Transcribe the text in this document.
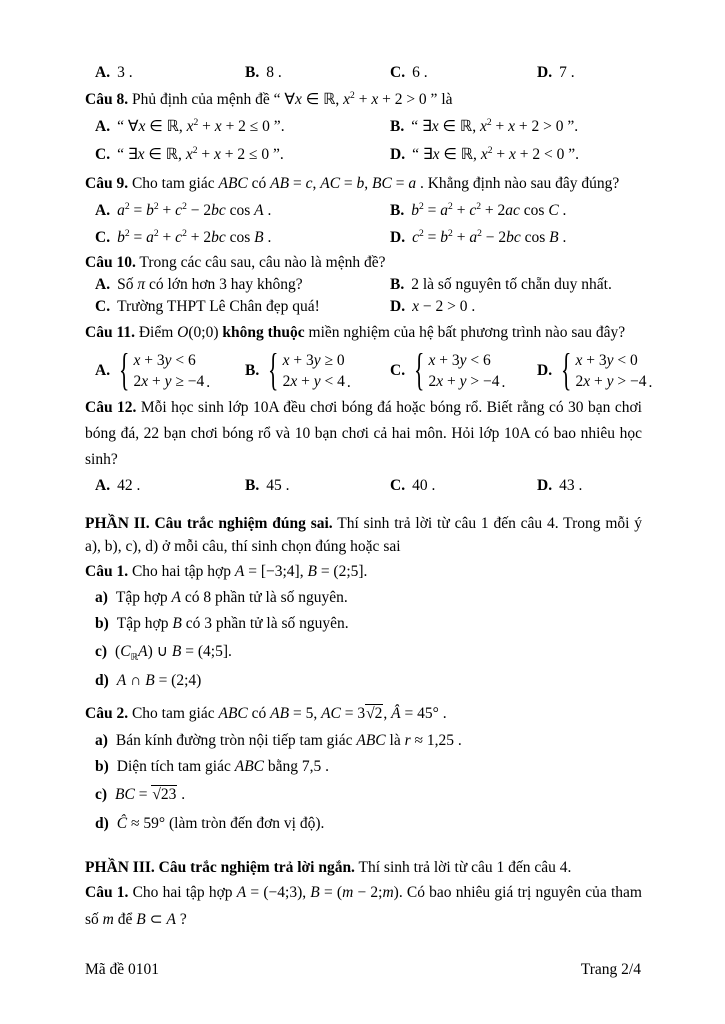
A. 3 .	B. 8 .	C. 6 .	D. 7 .

Câu 8. Phủ định của mệnh đề “ ∀x ∈ ℝ, $x^2 + x + 2 > 0$ ” là

A. “ ∀x ∈ ℝ, $x^2 + x + 2 \le 0$ ”.	B. “ ∃x ∈ ℝ, $x^2 + x + 2 > 0$ ”.
C. “ ∃x ∈ ℝ, $x^2 + x + 2 \le 0$ ”.	D. “ ∃x ∈ ℝ, $x^2 + x + 2 < 0$ ”.

Câu 9. Cho tam giác ABC có AB = c, AC = b, BC = a . Khẳng định nào sau đây đúng?

A. $a^2 = b^2 + c^2 - 2bc$ cos A .	B. $b^2 = a^2 + c^2 + 2ac$ cos C .
C. $b^2 = a^2 + c^2 + 2bc$ cos B .	D. $c^2 = b^2 + a^2 - 2bc$ cos B .

Câu 10. Trong các câu sau, câu nào là mệnh đề?

A. Số π có lớn hơn 3 hay không?	B. 2 là số nguyên tố chẵn duy nhất.
C. Trường THPT Lê Chân đẹp quá!	D. x − 2 > 0 .

Câu 11. Điểm O(0;0) không thuộc miền nghiệm của hệ bất phương trình nào sau đây?

A. { x + 3y < 6
2x + y ≥ −4 .
B. { x + 3y ≥ 0
2x + y < 4 .
C. { x + 3y < 6
2x + y > −4 .
D. { x + 3y < 0
2x + y > −4 .

Câu 12. Mỗi học sinh lớp 10A đều chơi bóng đá hoặc bóng rổ. Biết rằng có 30 bạn chơi bóng đá, 22 bạn chơi bóng rổ và 10 bạn chơi cả hai môn. Hỏi lớp 10A có bao nhiêu học sinh?

A. 42 .	B. 45 .	C. 40 .	D. 43 .

PHẦN II. Câu trắc nghiệm đúng sai. Thí sinh trả lời từ câu 1 đến câu 4. Trong mỗi ý a), b), c), d) ở mỗi câu, thí sinh chọn đúng hoặc sai

Câu 1. Cho hai tập hợp A = [−3;4], B = (2;5].

a) Tập hợp A có 8 phần tử là số nguyên.

b) Tập hợp B có 3 phần tử là số nguyên.

c) $(C_ℝA)$ ∪ B = (4;5].

d) A ∩ B = (2;4)

Câu 2. Cho tam giác ABC có AB = 5, AC = 3√2, Â = 45° .

a) Bán kính đường tròn nội tiếp tam giác ABC là r ≈ 1,25 .

b) Diện tích tam giác ABC bằng 7,5 .

c) BC = √23 .

d) Ĉ ≈ 59° (làm tròn đến đơn vị độ).

PHẦN III. Câu trắc nghiệm trả lời ngắn. Thí sinh trả lời từ câu 1 đến câu 4.

Câu 1. Cho hai tập hợp A = (−4;3), B = (m − 2;m). Có bao nhiêu giá trị nguyên của tham số m để B ⊂ A ?

Mã đề 0101	Trang 2/4
